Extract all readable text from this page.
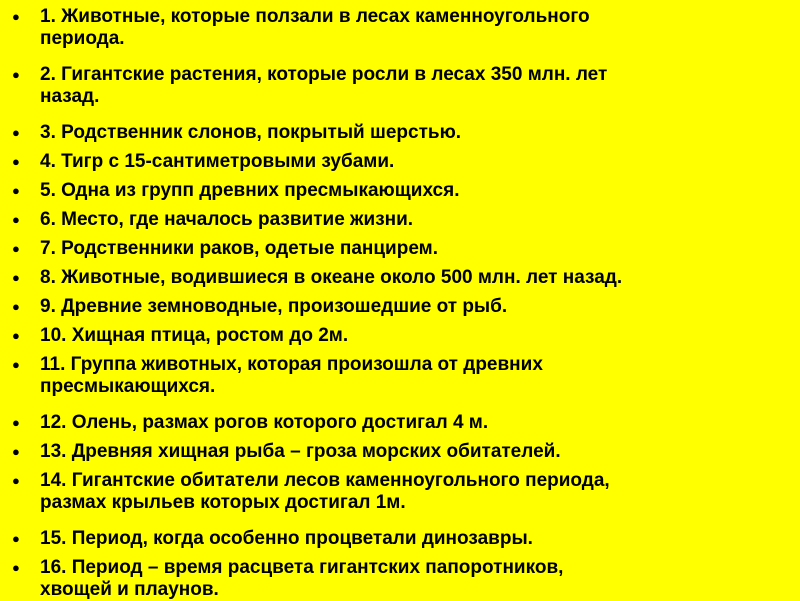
● 1. Животные, которые ползали в лесах каменноугольного
периода.
● 2. Гигантские растения, которые росли в лесах 350 млн. лет
назад.
● 3. Родственник слонов, покрытый шерстью.
● 4. Тигр с 15-сантиметровыми зубами.
● 5. Одна из групп древних пресмыкающихся.
● 6. Место, где началось развитие жизни.
● 7. Родственники раков, одетые панцирем.
● 8. Животные, водившиеся в океане около 500 млн. лет назад.
● 9. Древние земноводные, произошедшие от рыб.
● 10. Хищная птица, ростом до 2м.
● 11. Группа животных, которая произошла от древних
пресмыкающихся.
● 12. Олень, размах рогов которого достигал 4 м.
● 13. Древняя хищная рыба – гроза морских обитателей.
● 14. Гигантские обитатели лесов каменноугольного периода,
размах крыльев которых достигал 1м.
● 15. Период, когда особенно процветали динозавры.
● 16. Период – время расцвета гигантских папоротников,
хвощей и плаунов.
